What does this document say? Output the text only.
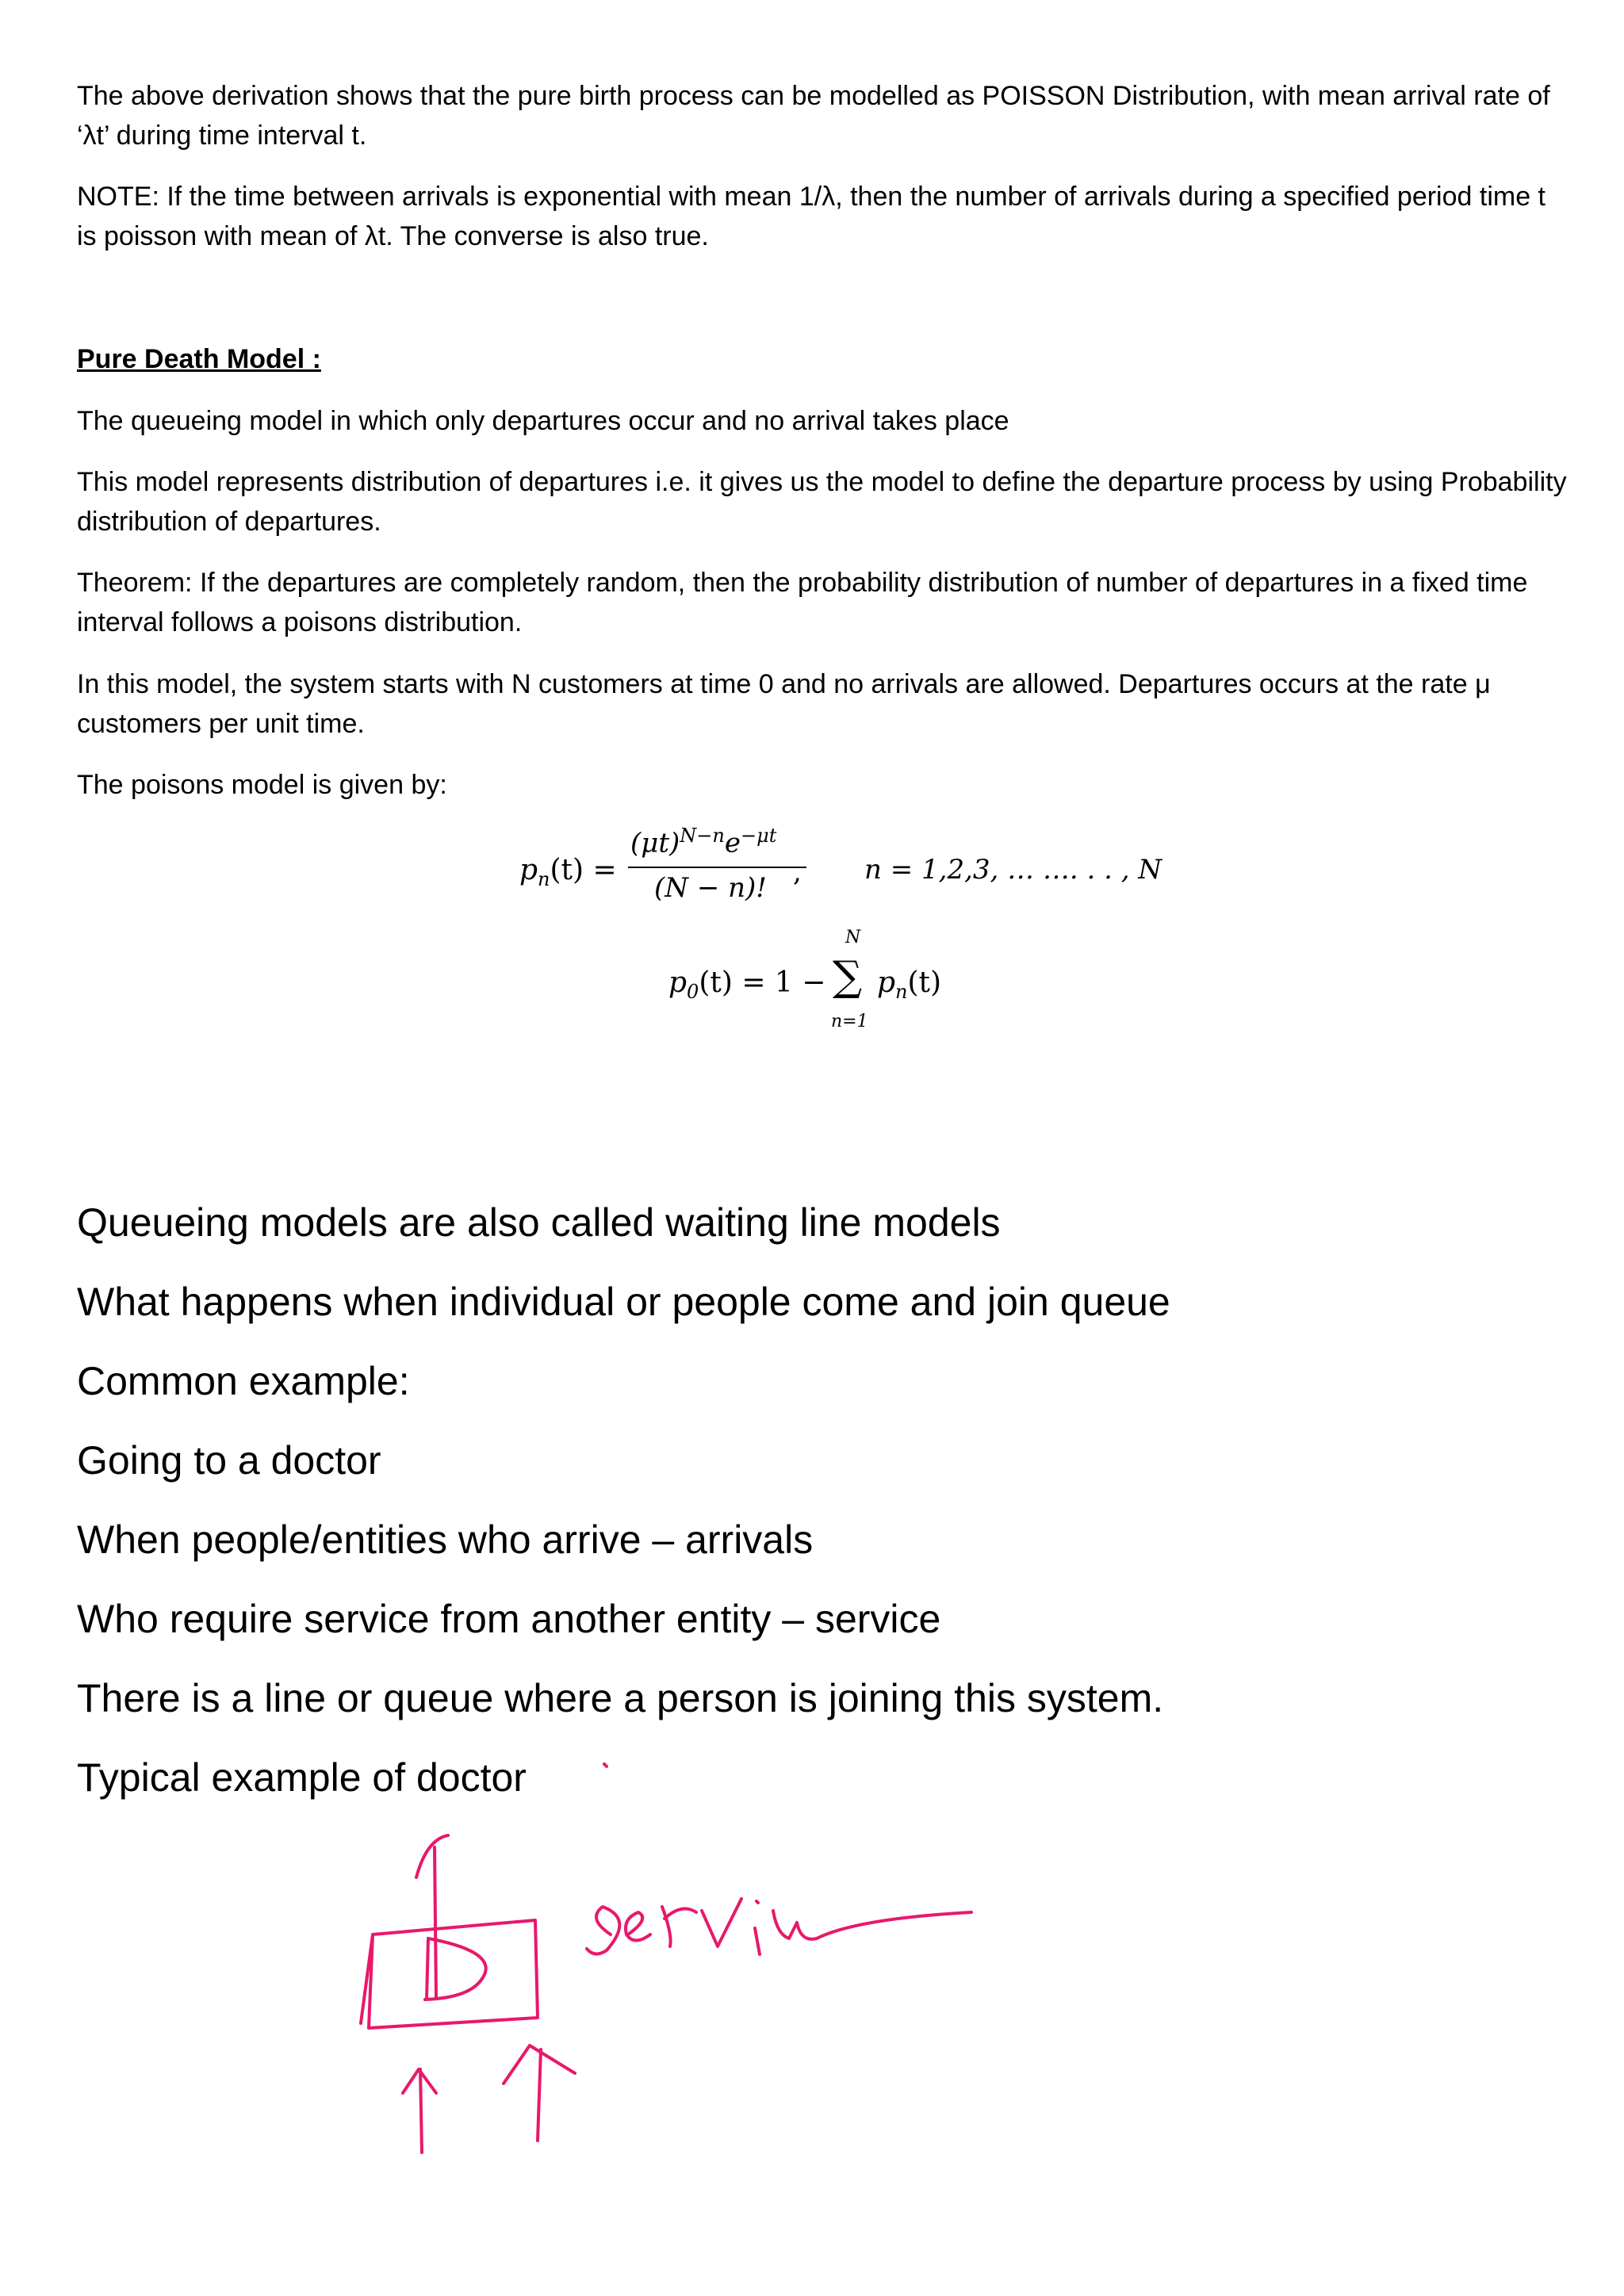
The above derivation shows that the pure birth process can be modelled as POISSON Distribution, with mean arrival rate of ‘λt’ during time interval t.

NOTE: If the time between arrivals is exponential with mean 1/λ, then the number of arrivals during a specified period time t is poisson with mean of λt. The converse is also true.

Pure Death Model :

The queueing model in which only departures occur and no arrival takes place

This model represents distribution of departures i.e. it gives us the model to define the departure process by using Probability distribution of departures.

Theorem: If the departures are completely random, then the probability distribution of number of departures in a fixed time interval follows a poisons distribution.

In this model, the system starts with N customers at time 0 and no arrivals are allowed. Departures occurs at the rate μ customers per unit time.

The poisons model is given by:

$p_n(t)$ =
$(\mu t)^{N-n}e^{-\mu t}$
(N − n)! , n = 1,2,3, … …. . . , N
$p_0(t) = 1$ −
N
∑
n=1
$p_n(t)$

Queueing models are also called waiting line models

What happens when individual or people come and join queue

Common example:

Going to a doctor

When people/entities who arrive – arrivals

Who require service from another entity – service

There is a line or queue where a person is joining this system.

Typical example of doctor
